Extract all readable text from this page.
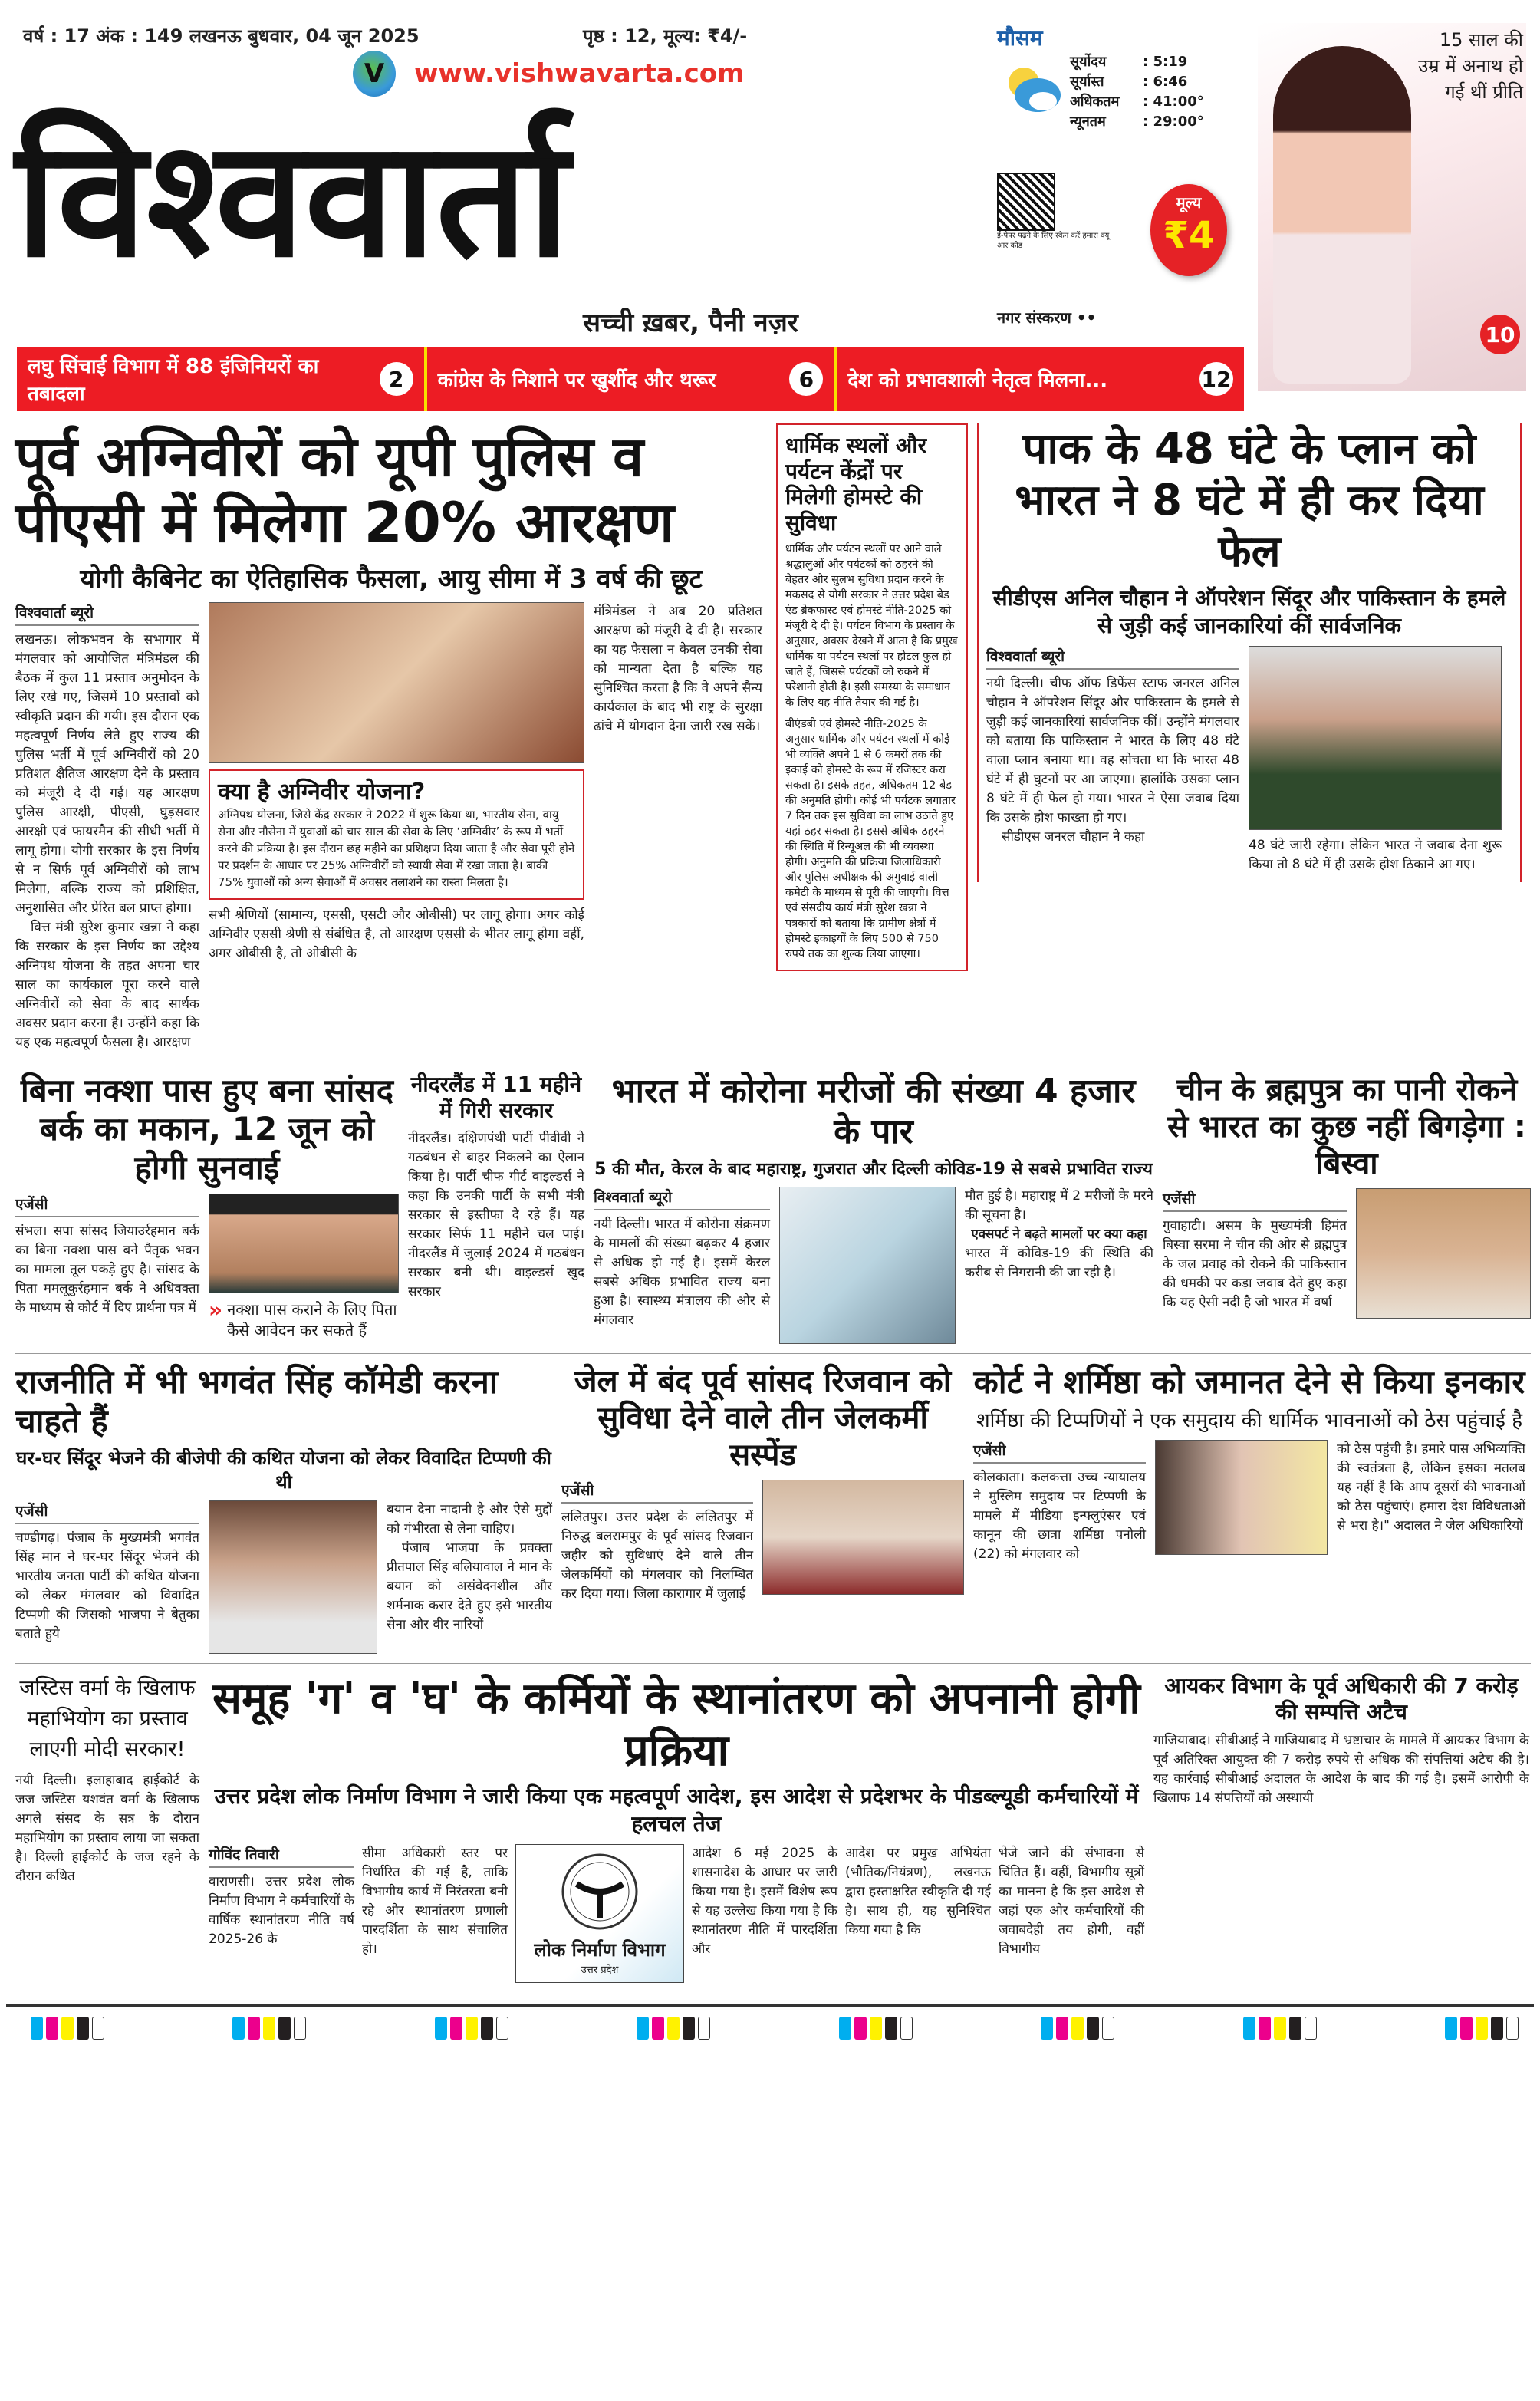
वर्ष : 17 अंक : 149 लखनऊ बुधवार, 04 जून 2025	पृष्ठ : 12, मूल्य: ₹4/-
V www.vishwavarta.com
विश्ववार्ता
सच्ची ख़बर, पैनी नज़र
लघु सिंचाई विभाग में 88 इंजिनियरों का तबादला
2	कांग्रेस के निशाने पर खुर्शीद और थरूर	6	देश को प्रभावशाली नेतृत्व मिलना...	12
मौसम
सूर्योदय	: 5:19
सूर्यास्त	: 6:46
अधिकतम	: 41:00°
न्यूनतम	: 29:00°

ई-पेपर पढ़ने के लिए स्कैन करें हमारा क्यू आर कोड

मूल्य
₹4
नगर संस्करण ••
15 साल की उम्र में अनाथ हो गई थीं प्रीति
10
पूर्व अग्निवीरों को यूपी पुलिस व पीएसी में मिलेगा 20% आरक्षण
योगी कैबिनेट का ऐतिहासिक फैसला, आयु सीमा में 3 वर्ष की छूट
विश्ववार्ता ब्यूरो

लखनऊ। लोकभवन के सभागार में मंगलवार को आयोजित मंत्रिमंडल की बैठक में कुल 11 प्रस्ताव अनुमोदन के लिए रखे गए, जिसमें 10 प्रस्तावों को स्वीकृति प्रदान की गयी। इस दौरान एक महत्वपूर्ण निर्णय लेते हुए राज्य की पुलिस भर्ती में पूर्व अग्निवीरों को 20 प्रतिशत क्षैतिज आरक्षण देने के प्रस्ताव को मंजूरी दे दी गई। यह आरक्षण पुलिस आरक्षी, पीएसी, घुड़सवार आरक्षी एवं फायरमैन की सीधी भर्ती में लागू होगा। योगी सरकार के इस निर्णय से न सिर्फ पूर्व अग्निवीरों को लाभ मिलेगा, बल्कि राज्य को प्रशिक्षित, अनुशासित और प्रेरित बल प्राप्त होगा।

वित्त मंत्री सुरेश कुमार खन्ना ने कहा कि सरकार के इस निर्णय का उद्देश्य अग्निपथ योजना के तहत अपना चार साल का कार्यकाल पूरा करने वाले अग्निवीरों को सेवा के बाद सार्थक अवसर प्रदान करना है। उन्होंने कहा कि यह एक महत्वपूर्ण फैसला है। आरक्षण

क्या है अग्निवीर योजना?

अग्निपथ योजना, जिसे केंद्र सरकार ने 2022 में शुरू किया था, भारतीय सेना, वायु सेना और नौसेना में युवाओं को चार साल की सेवा के लिए ‘अग्निवीर’ के रूप में भर्ती करने की प्रक्रिया है। इस दौरान छह महीने का प्रशिक्षण दिया जाता है और सेवा पूरी होने पर प्रदर्शन के आधार पर 25% अग्निवीरों को स्थायी सेवा में रखा जाता है। बाकी 75% युवाओं को अन्य सेवाओं में अवसर तलाशने का रास्ता मिलता है।

सभी श्रेणियों (सामान्य, एससी, एसटी और ओबीसी) पर लागू होगा। अगर कोई अग्निवीर एससी श्रेणी से संबंधित है, तो आरक्षण एससी के भीतर लागू होगा वहीं, अगर ओबीसी है, तो ओबीसी के

मंत्रिमंडल ने अब 20 प्रतिशत आरक्षण को मंजूरी दे दी है। सरकार का यह फैसला न केवल उनकी सेवा को मान्यता देता है बल्कि यह सुनिश्चित करता है कि वे अपने सैन्य कार्यकाल के बाद भी राष्ट्र के सुरक्षा ढांचे में योगदान देना जारी रख सकें।

धार्मिक स्थलों और पर्यटन केंद्रों पर मिलेगी होमस्टे की सुविधा

धार्मिक और पर्यटन स्थलों पर आने वाले श्रद्धालुओं और पर्यटकों को ठहरने की बेहतर और सुलभ सुविधा प्रदान करने के मकसद से योगी सरकार ने उत्तर प्रदेश बेड एंड ब्रेकफास्ट एवं होमस्टे नीति-2025 को मंजूरी दे दी है। पर्यटन विभाग के प्रस्ताव के अनुसार, अक्सर देखने में आता है कि प्रमुख धार्मिक या पर्यटन स्थलों पर होटल फुल हो जाते हैं, जिससे पर्यटकों को रुकने में परेशानी होती है। इसी समस्या के समाधान के लिए यह नीति तैयार की गई है।

बीएंडबी एवं होमस्टे नीति-2025 के अनुसार धार्मिक और पर्यटन स्थलों में कोई भी व्यक्ति अपने 1 से 6 कमरों तक की इकाई को होमस्टे के रूप में रजिस्टर करा सकता है। इसके तहत, अधिकतम 12 बेड की अनुमति होगी। कोई भी पर्यटक लगातार 7 दिन तक इस सुविधा का लाभ उठाते हुए यहां ठहर सकता है। इससे अधिक ठहरने की स्थिति में रिन्यूअल की भी व्यवस्था होगी। अनुमति की प्रक्रिया जिलाधिकारी और पुलिस अधीक्षक की अगुवाई वाली कमेटी के माध्यम से पूरी की जाएगी। वित्त एवं संसदीय कार्य मंत्री सुरेश खन्ना ने पत्रकारों को बताया कि ग्रामीण क्षेत्रों में होमस्टे इकाइयों के लिए 500 से 750 रुपये तक का शुल्क लिया जाएगा।

पाक के 48 घंटे के प्लान को भारत ने 8 घंटे में ही कर दिया फेल
सीडीएस अनिल चौहान ने ऑपरेशन सिंदूर और पाकिस्तान के हमले से जुड़ी कई जानकारियां कीं सार्वजनिक
विश्ववार्ता ब्यूरो

नयी दिल्ली। चीफ ऑफ डिफेंस स्टाफ जनरल अनिल चौहान ने ऑपरेशन सिंदूर और पाकिस्तान के हमले से जुड़ी कई जानकारियां सार्वजनिक कीं। उन्होंने मंगलवार को बताया कि पाकिस्तान ने भारत के लिए 48 घंटे वाला प्लान बनाया था। वह सोचता था कि भारत 48 घंटे में ही घुटनों पर आ जाएगा। हालांकि उसका प्लान 8 घंटे में ही फेल हो गया। भारत ने ऐसा जवाब दिया कि उसके होश फाख्ता हो गए।

सीडीएस जनरल चौहान ने कहा

48 घंटे जारी रहेगा। लेकिन भारत ने जवाब देना शुरू किया तो 8 घंटे में ही उसके होश ठिकाने आ गए।

बिना नक्शा पास हुए बना सांसद बर्क का मकान, 12 जून को होगी सुनवाई
एजेंसी

संभल। सपा सांसद जियाउर्रहमान बर्क का बिना नक्शा पास बने पैतृक भवन का मामला तूल पकड़े हुए है। सांसद के पिता ममलूकुर्रहमान बर्क ने अधिवक्ता के माध्यम से कोर्ट में दिए प्रार्थना पत्र में » नक्शा पास कराने के लिए पिता कैसे आवेदन कर सकते हैं
नीदरलैंड में 11 महीने में गिरी सरकार

नीदरलैंड। दक्षिणपंथी पार्टी पीवीवी ने गठबंधन से बाहर निकलने का ऐलान किया है। पार्टी चीफ गीर्ट वाइल्डर्स ने कहा कि उनकी पार्टी के सभी मंत्री सरकार से इस्तीफा दे रहे हैं। यह सरकार सिर्फ 11 महीने चल पाई। नीदरलैंड में जुलाई 2024 में गठबंधन सरकार बनी थी। वाइल्डर्स खुद सरकार

भारत में कोरोना मरीजों की संख्या 4 हजार के पार
5 की मौत, केरल के बाद महाराष्ट्र, गुजरात और दिल्ली कोविड-19 से सबसे प्रभावित राज्य
विश्ववार्ता ब्यूरो

नयी दिल्ली। भारत में कोरोना संक्रमण के मामलों की संख्या बढ़कर 4 हजार से अधिक हो गई है। इसमें केरल सबसे अधिक प्रभावित राज्य बना हुआ है। स्वास्थ्य मंत्रालय की ओर से मंगलवार

मौत हुई है। महाराष्ट्र में 2 मरीजों के मरने की सूचना है।

एक्सपर्ट ने बढ़ते मामलों पर क्या कहा

भारत में कोविड-19 की स्थिति की करीब से निगरानी की जा रही है।

चीन के ब्रह्मपुत्र का पानी रोकने से भारत का कुछ नहीं बिगड़ेगा : बिस्वा
एजेंसी

गुवाहाटी। असम के मुख्यमंत्री हिमंत बिस्वा सरमा ने चीन की ओर से ब्रह्मपुत्र के जल प्रवाह को रोकने की पाकिस्तान की धमकी पर कड़ा जवाब देते हुए कहा कि यह ऐसी नदी है जो भारत में वर्षा

राजनीति में भी भगवंत सिंह कॉमेडी करना चाहते हैं
घर-घर सिंदूर भेजने की बीजेपी की कथित योजना को लेकर विवादित टिप्पणी की थी
एजेंसी

चण्डीगढ़। पंजाब के मुख्यमंत्री भगवंत सिंह मान ने घर-घर सिंदूर भेजने की भारतीय जनता पार्टी की कथित योजना को लेकर मंगलवार को विवादित टिप्पणी की जिसको भाजपा ने बेतुका बताते हुये

बयान देना नादानी है और ऐसे मुद्दों को गंभीरता से लेना चाहिए।

पंजाब भाजपा के प्रवक्ता प्रीतपाल सिंह बलियावाल ने मान के बयान को असंवेदनशील और शर्मनाक करार देते हुए इसे भारतीय सेना और वीर नारियों

जेल में बंद पूर्व सांसद रिजवान को सुविधा देने वाले तीन जेलकर्मी सस्पेंड
एजेंसी

ललितपुर। उत्तर प्रदेश के ललितपुर में निरुद्ध बलरामपुर के पूर्व सांसद रिजवान जहीर को सुविधाएं देने वाले तीन जेलकर्मियों को मंगलवार को निलम्बित कर दिया गया। जिला कारागार में जुलाई

कोर्ट ने शर्मिष्ठा को जमानत देने से किया इनकार
शर्मिष्ठा की टिप्पणियों ने एक समुदाय की धार्मिक भावनाओं को ठेस पहुंचाई है
एजेंसी

कोलकाता। कलकत्ता उच्च न्यायालय ने मुस्लिम समुदाय पर टिप्पणी के मामले में मीडिया इन्फ्लुएंसर एवं कानून की छात्रा शर्मिष्ठा पनोली (22) को मंगलवार को

को ठेस पहुंची है। हमारे पास अभिव्यक्ति की स्वतंत्रता है, लेकिन इसका मतलब यह नहीं है कि आप दूसरों की भावनाओं को ठेस पहुंचाएं। हमारा देश विविधताओं से भरा है।" अदालत ने जेल अधिकारियों

जस्टिस वर्मा के खिलाफ महाभियोग का प्रस्ताव लाएगी मोदी सरकार!

नयी दिल्ली। इलाहाबाद हाईकोर्ट के जज जस्टिस यशवंत वर्मा के खिलाफ अगले संसद के सत्र के दौरान महाभियोग का प्रस्ताव लाया जा सकता है। दिल्ली हाईकोर्ट के जज रहने के दौरान कथित

समूह 'ग' व 'घ' के कर्मियों के स्थानांतरण को अपनानी होगी प्रक्रिया
उत्तर प्रदेश लोक निर्माण विभाग ने जारी किया एक महत्वपूर्ण आदेश, इस आदेश से प्रदेशभर के पीडब्ल्यूडी कर्मचारियों में हलचल तेज
गोविंद तिवारी

वाराणसी। उत्तर प्रदेश लोक निर्माण विभाग ने कर्मचारियों के वार्षिक स्थानांतरण नीति वर्ष 2025-26 के

सीमा अधिकारी स्तर पर निर्धारित की गई है, ताकि विभागीय कार्य में निरंतरता बनी रहे और स्थानांतरण प्रणाली पारदर्शिता के साथ संचालित हो।	लोक निर्माण विभाग
उत्तर प्रदेश

आदेश 6 मई 2025 के शासनादेश के आधार पर जारी किया गया है। इसमें विशेष रूप से यह उल्लेख किया गया है कि स्थानांतरण नीति में पारदर्शिता और

आदेश पर प्रमुख अभियंता (भौतिक/नियंत्रण), लखनऊ द्वारा हस्ताक्षरित स्वीकृति दी गई है। साथ ही, यह सुनिश्चित किया गया है कि

भेजे जाने की संभावना से चिंतित हैं। वहीं, विभागीय सूत्रों का मानना है कि इस आदेश से जहां एक ओर कर्मचारियों की जवाबदेही तय होगी, वहीं विभागीय

आयकर विभाग के पूर्व अधिकारी की 7 करोड़ की सम्पत्ति अटैच

गाजियाबाद। सीबीआई ने गाजियाबाद में भ्रष्टाचार के मामले में आयकर विभाग के पूर्व अतिरिक्त आयुक्त की 7 करोड़ रुपये से अधिक की संपत्तियां अटैच की है। यह कार्रवाई सीबीआई अदालत के आदेश के बाद की गई है। इसमें आरोपी के खिलाफ 14 संपत्तियों को अस्थायी
